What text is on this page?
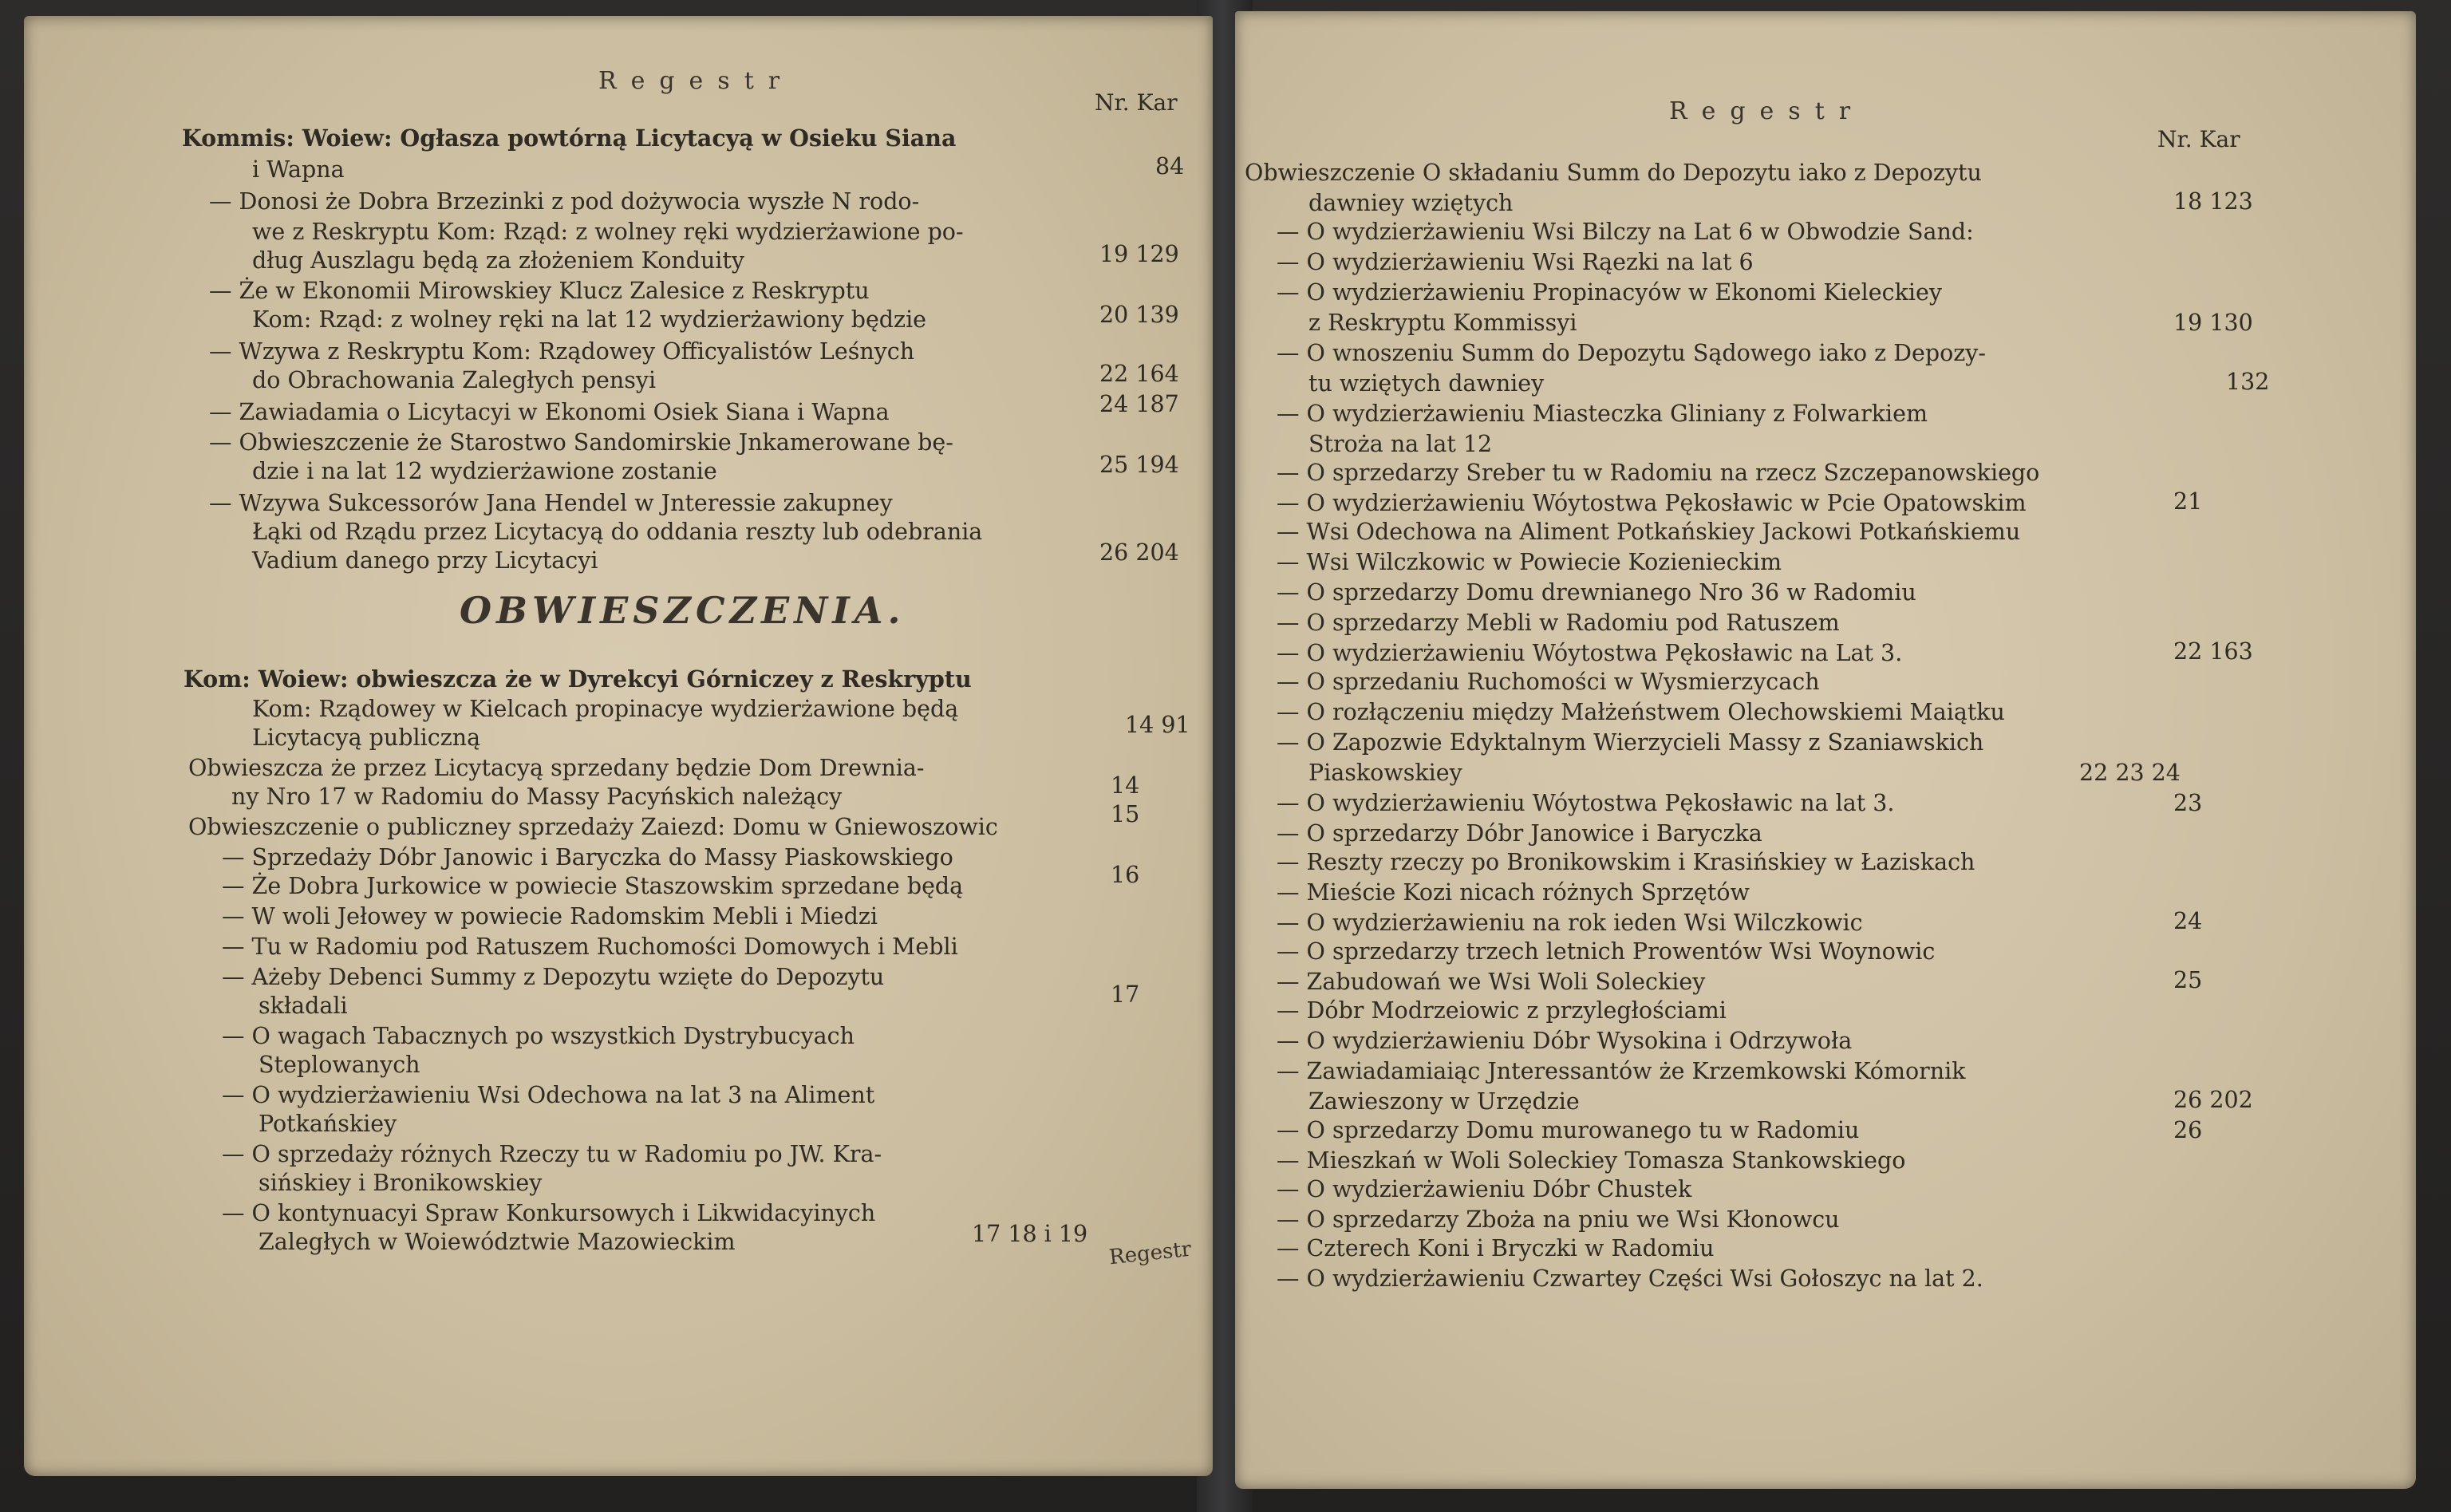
Regestr
Nr. Kar
Kommis: Woiew: Ogłasza powtórną Licytacyą w Osieku Siana
i Wapna
— Donosi że Dobra Brzezinki z pod dożywocia wyszłe N rodo-
we z Reskryptu Kom: Rząd: z wolney ręki wydzierżawione po-
dług Auszlagu będą za złożeniem Konduity
— Że w Ekonomii Mirowskiey Klucz Zalesice z Reskryptu
Kom: Rząd: z wolney ręki na lat 12 wydzierżawiony będzie
— Wzywa z Reskryptu Kom: Rządowey Officyalistów Leśnych
do Obrachowania Zaległych pensyi
— Zawiadamia o Licytacyi w Ekonomi Osiek Siana i Wapna
— Obwieszczenie że Starostwo Sandomirskie Jnkamerowane bę-
dzie i na lat 12 wydzierżawione zostanie
— Wzywa Sukcessorów Jana Hendel w Jnteressie zakupney
Łąki od Rządu przez Licytacyą do oddania reszty lub odebrania
Vadium danego przy Licytacyi
84
19 129
20 139
22 164
24 187
25 194
26 204
OBWIESZCZENIA.
Kom: Woiew: obwieszcza że w Dyrekcyi Górniczey z Reskryptu
Kom: Rządowey w Kielcach propinacye wydzierżawione będą
Licytacyą publiczną
Obwieszcza że przez Licytacyą sprzedany będzie Dom Drewnia-
ny Nro 17 w Radomiu do Massy Pacyńskich należący
Obwieszczenie o publiczney sprzedaży Zaiezd: Domu w Gniewoszowic
— Sprzedaży Dóbr Janowic i Baryczka do Massy Piaskowskiego
— Że Dobra Jurkowice w powiecie Staszowskim sprzedane będą
— W woli Jełowey w powiecie Radomskim Mebli i Miedzi
— Tu w Radomiu pod Ratuszem Ruchomości Domowych i Mebli
— Ażeby Debenci Summy z Depozytu wzięte do Depozytu
składali
— O wagach Tabacznych po wszystkich Dystrybucyach
Steplowanych
— O wydzierżawieniu Wsi Odechowa na lat 3 na Aliment
Potkańskiey
— O sprzedaży różnych Rzeczy tu w Radomiu po JW. Kra-
sińskiey i Bronikowskiey
— O kontynuacyi Spraw Konkursowych i Likwidacyinych
Zaległych w Woiewództwie Mazowieckim
14 91
14
15
16
17
17 18 i 19
Regestr
Regestr
Nr. Kar
Obwieszczenie O składaniu Summ do Depozytu iako z Depozytu
dawniey wziętych
— O wydzierżawieniu Wsi Bilczy na Lat 6 w Obwodzie Sand:
— O wydzierżawieniu Wsi Rąezki na lat 6
— O wydzierżawieniu Propinacyów w Ekonomi Kieleckiey
z Reskryptu Kommissyi
— O wnoszeniu Summ do Depozytu Sądowego iako z Depozy-
tu wziętych dawniey
— O wydzierżawieniu Miasteczka Gliniany z Folwarkiem
Stroża na lat 12
— O sprzedarzy Sreber tu w Radomiu na rzecz Szczepanowskiego
— O wydzierżawieniu Wóytostwa Pękosławic w Pcie Opatowskim
— Wsi Odechowa na Aliment Potkańskiey Jackowi Potkańskiemu
— Wsi Wilczkowic w Powiecie Kozienieckim
— O sprzedarzy Domu drewnianego Nro 36 w Radomiu
— O sprzedarzy Mebli w Radomiu pod Ratuszem
— O wydzierżawieniu Wóytostwa Pękosławic na Lat 3.
— O sprzedaniu Ruchomości w Wysmierzycach
— O rozłączeniu między Małżeństwem Olechowskiemi Maiątku
— O Zapozwie Edyktalnym Wierzycieli Massy z Szaniawskich
Piaskowskiey
— O wydzierżawieniu Wóytostwa Pękosławic na lat 3.
— O sprzedarzy Dóbr Janowice i Baryczka
— Reszty rzeczy po Bronikowskim i Krasińskiey w Łaziskach
— Mieście Kozi nicach różnych Sprzętów
— O wydzierżawieniu na rok ieden Wsi Wilczkowic
— O sprzedarzy trzech letnich Prowentów Wsi Woynowic
— Zabudowań we Wsi Woli Soleckiey
— Dóbr Modrzeiowic z przyległościami
— O wydzierżawieniu Dóbr Wysokina i Odrzywoła
— Zawiadamiaiąc Jnteressantów że Krzemkowski Kómornik
Zawieszony w Urzędzie
— O sprzedarzy Domu murowanego tu w Radomiu
— Mieszkań w Woli Soleckiey Tomasza Stankowskiego
— O wydzierżawieniu Dóbr Chustek
— O sprzedarzy Zboża na pniu we Wsi Kłonowcu
— Czterech Koni i Bryczki w Radomiu
— O wydzierżawieniu Czwartey Części Wsi Gołoszyc na lat 2.
18 123
19 130
132
21
22 163
22 23 24
23
24
25
26 202
26
